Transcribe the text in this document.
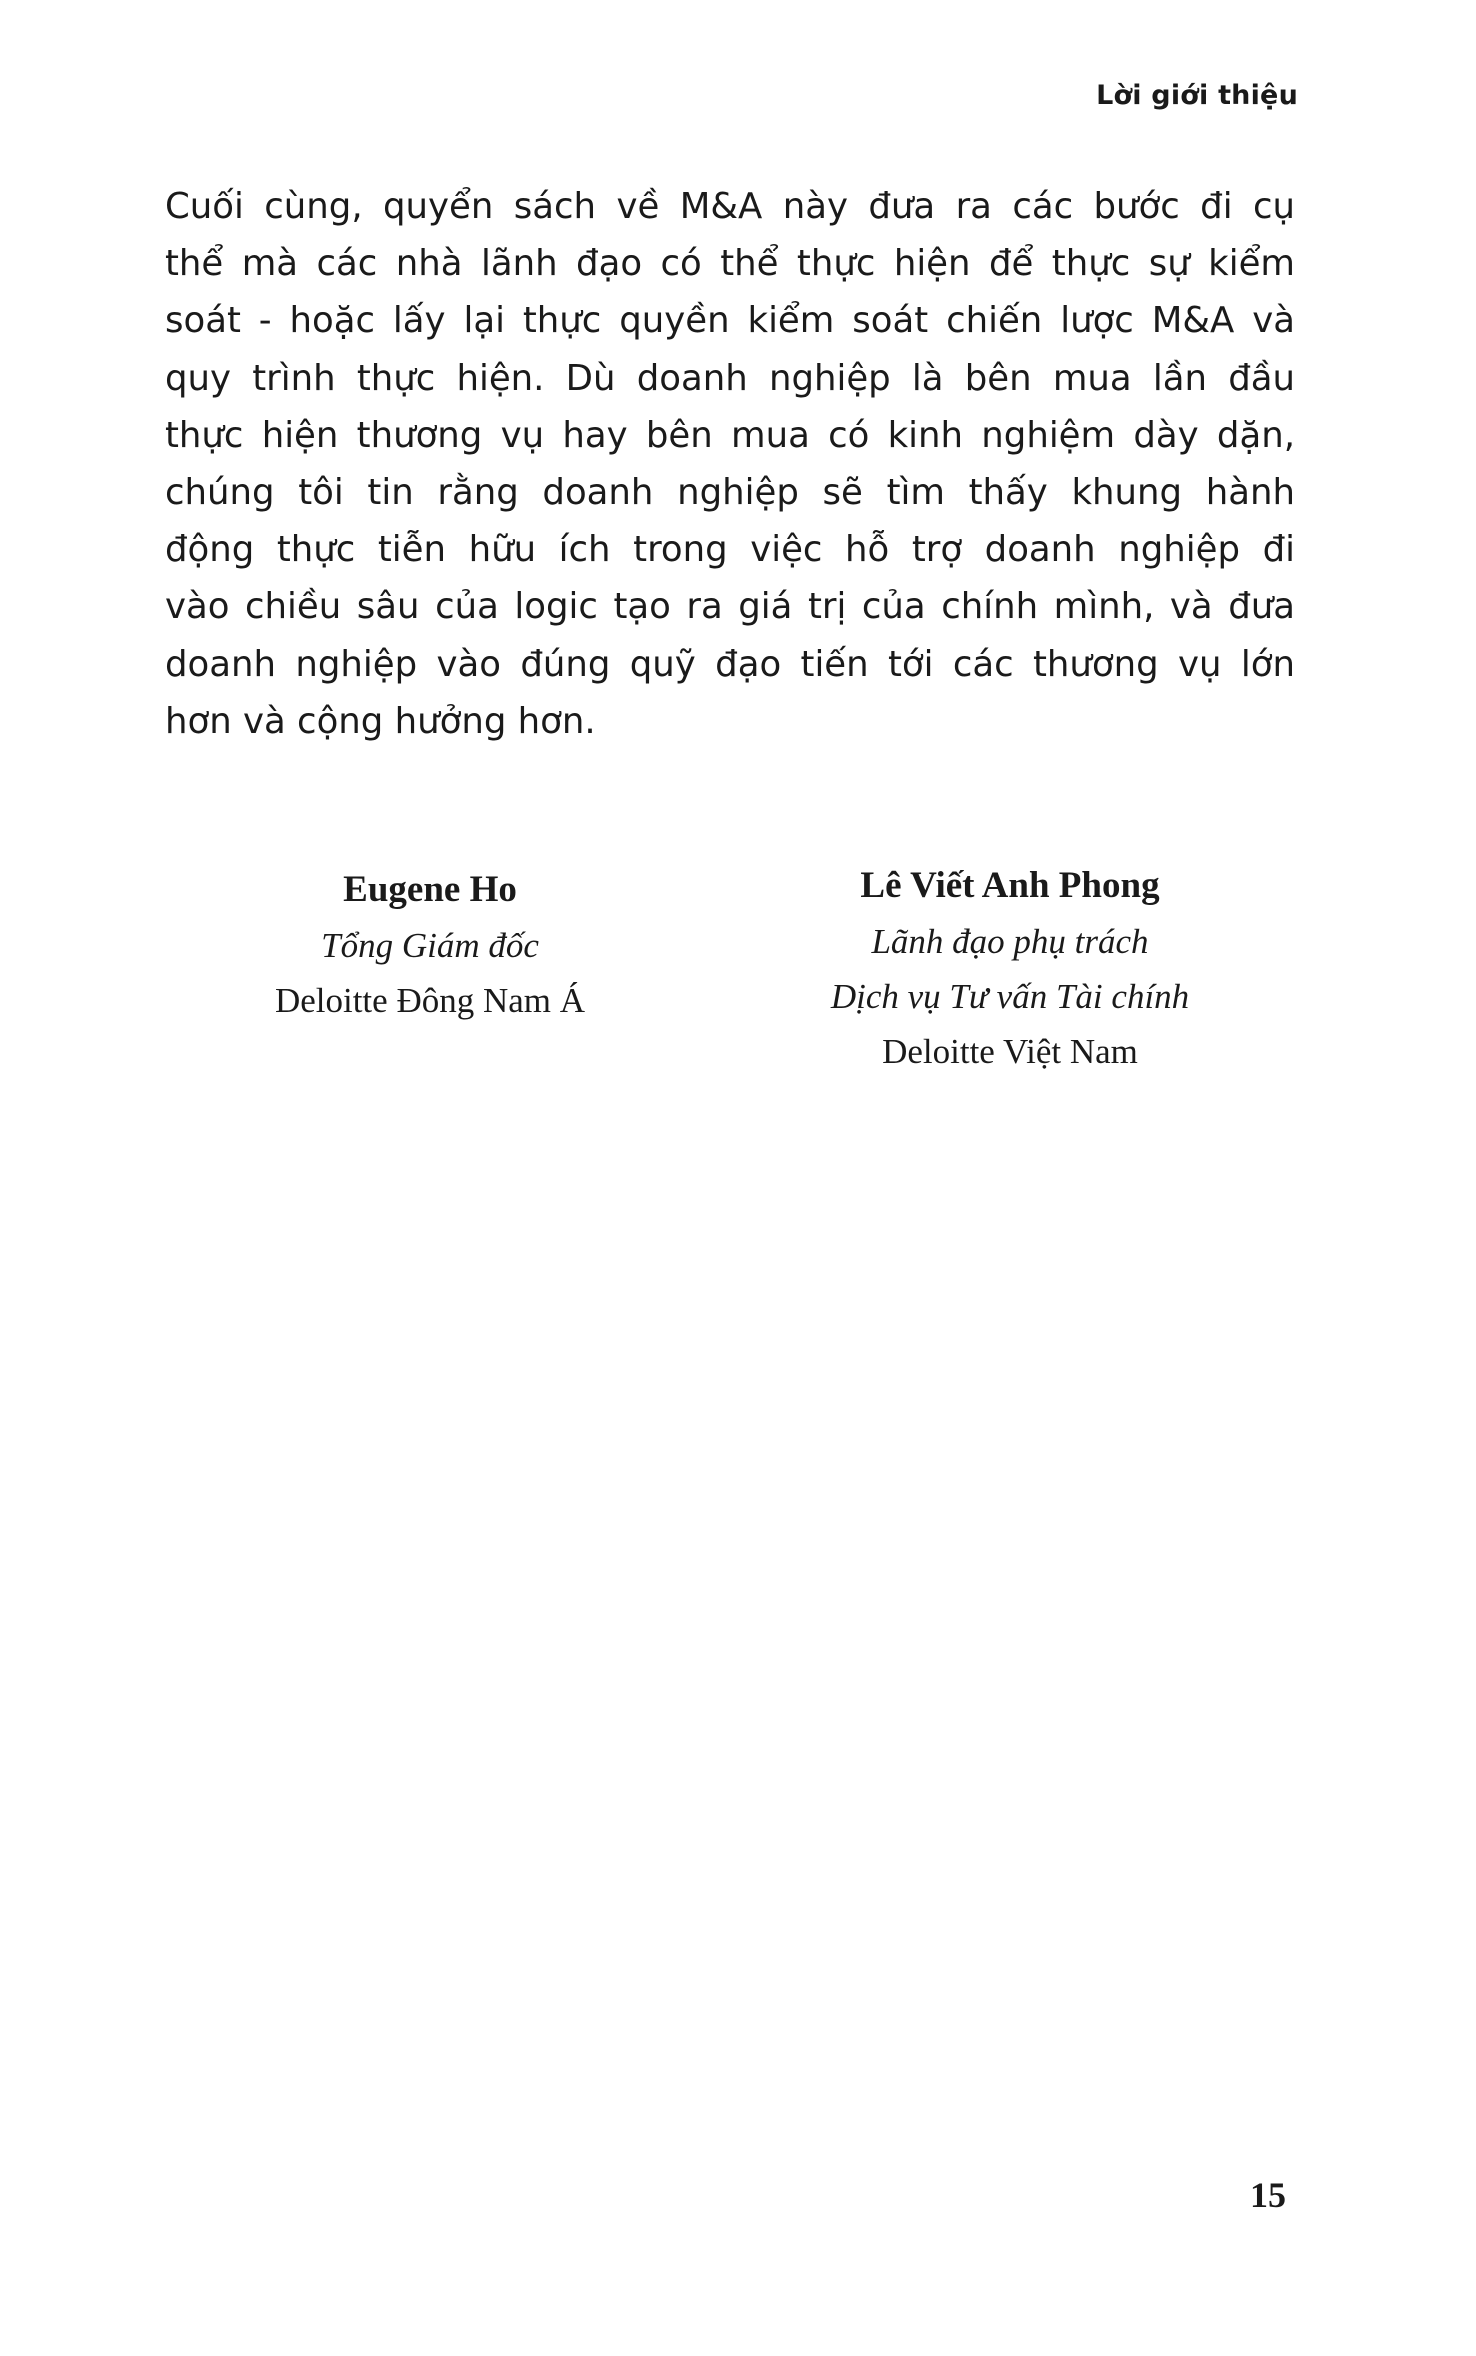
Lời giới thiệu

Cuối cùng, quyển sách về M&A này đưa ra các bước đi cụ
thể mà các nhà lãnh đạo có thể thực hiện để thực sự kiểm
soát - hoặc lấy lại thực quyền kiểm soát chiến lược M&A và
quy trình thực hiện. Dù doanh nghiệp là bên mua lần đầu
thực hiện thương vụ hay bên mua có kinh nghiệm dày dặn,
chúng tôi tin rằng doanh nghiệp sẽ tìm thấy khung hành
động thực tiễn hữu ích trong việc hỗ trợ doanh nghiệp đi
vào chiều sâu của logic tạo ra giá trị của chính mình, và đưa
doanh nghiệp vào đúng quỹ đạo tiến tới các thương vụ lớn
hơn và cộng hưởng hơn.

Eugene Ho
Tổng Giám đốc
Deloitte Đông Nam Á
Lê Viết Anh Phong
Lãnh đạo phụ trách
Dịch vụ Tư vấn Tài chính
Deloitte Việt Nam
15
